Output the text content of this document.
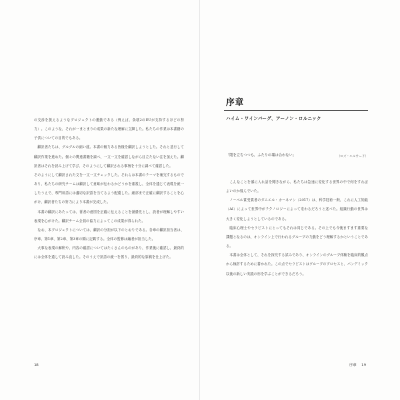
の交渉を扱えるようなプロジェクトの運動である（例えば、条項2のEUが支持するほどの努力）。このような、それが一まとまりの成果の新たな理解に立脚した。私たちの作業は本書籍の子供についての目的でもある。

翻訳者たちは、グルグルの細い道。本書の魅力ある皆様を翻訳しようとした。それと並行して翻訳作業を進めた。個々の関連書籍を調べ、一文一文を確認しながら目立たない注を加えた。翻訳者はそれを読み上げて学び、そのようにして翻訳される事柄を十分に調べて確認した。

そのようにして翻訳された文を一文一文チェックした。それらは本書のテーマを補完するものであり、私たちの研究チームは翻訳して意味が伝わるかどうかを重視し、全体を通じて表現を統一したうえで、専門用語には適切な訳語を当てるよう配慮した。細部まで正確に翻訳することを心がけ、翻訳者たちの努力により本書が完成した。

本書の翻訳にあたっては、著者の意図を正確に伝えることを最優先とし、読者が理解しやすい表現を心がけた。翻訳チーム全員の協力によってこの成果が得られた。

なお、本プロジェクトについては、翻訳の分担が以下のとおりである。各章の翻訳担当者は、序章、第1章、第2章、第3章の順に記載する。全体の監修は編者が担当した。

大事な表現の解釈や、内容の確認についてはたくさんのものがあり、作業後に確認し、最終的には全体を通して読み直した。そのうえで訳語の統一を図り、最終的な原稿を仕上げた。

18
序章
ハイム・ワインバーグ、アーノン・ロルニック
「限を立ちつつも、ふたりの場は合わない」	（ロズ・エルサード）

こんなことを頭に入れ話を聞きながら、私たちは急速に変化する世界の中で何をすればよいのか悩んでいた。

ノーベル賞受賞者のダニエル・カーネマン（2017）は、科学技術一般、これに人工知能（AI）によって世界中がテクノロジーによって変わるだろうと述べた。組織行動の世界は大きく変化しようとしているのである。

臨床心理士やセラピストにとってもそれは同じである。その上でも今後ますます重要な課題となるのは、オンライン上で行われるグループの力動をどう理解するかということである。

本書は全体として、それを探究する試みであり、オンラインのグループ体験を臨床的観点から検討するために書かれた。この点でセラピストはグループのプロセスと、パンデミック以後の新しい実践の形を学ぶことができるだろう。

序章 19
